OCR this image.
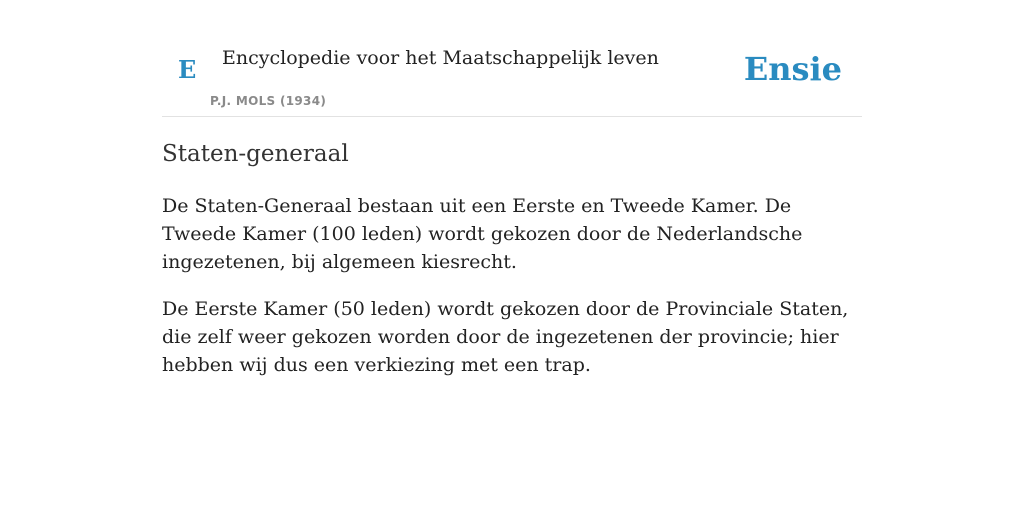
E Encyclopedie voor het Maatschappelijk leven
P.J. MOLS (1934)
Ensie
Staten-generaal

De Staten-Generaal bestaan uit een Eerste en Tweede Kamer. De Tweede Kamer (100 leden) wordt gekozen door de Nederlandsche ingezetenen, bij algemeen kiesrecht.

De Eerste Kamer (50 leden) wordt gekozen door de Provinciale Staten, die zelf weer gekozen worden door de ingezetenen der provincie; hier hebben wij dus een verkiezing met een trap.
